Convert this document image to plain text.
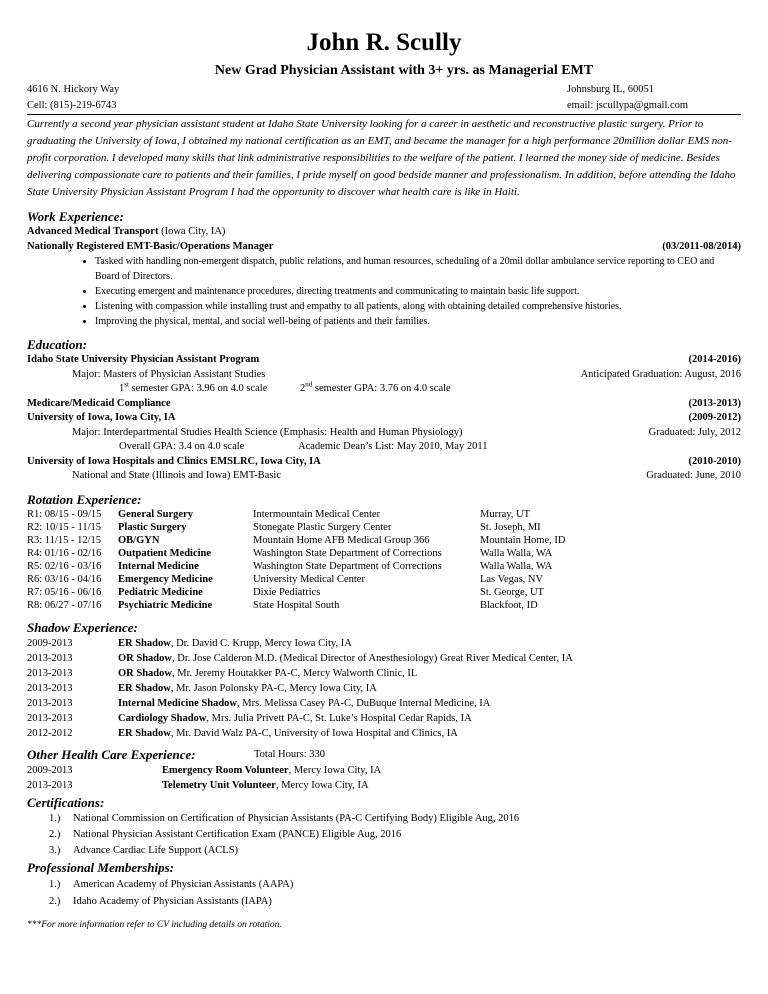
John R. Scully
New Grad Physician Assistant with 3+ yrs. as Managerial EMT
4616 N. Hickory Way
Cell: (815)-219-6743
Johnsburg IL, 60051
email: jscullypa@gmail.com
Currently a second year physician assistant student at Idaho State University looking for a career in aesthetic and reconstructive plastic surgery. Prior to graduating the University of Iowa, I obtained my national certification as an EMT, and became the manager for a high performance 20million dollar EMS non-profit corporation. I developed many skills that link administrative responsibilities to the welfare of the patient. I learned the money side of medicine. Besides delivering compassionate care to patients and their families, I pride myself on good bedside manner and professionalism. In addition, before attending the Idaho State University Physician Assistant Program I had the opportunity to discover what health care is like in Haiti.
Work Experience:
Advanced Medical Transport (Iowa City, IA)
Nationally Registered EMT-Basic/Operations Manager	(03/2011-08/2014)
• Tasked with handling non-emergent dispatch, public relations, and human resources, scheduling of a 20mil dollar ambulance service reporting to CEO and Board of Directors.
• Executing emergent and maintenance procedures, directing treatments and communicating to maintain basic life support.
• Listening with compassion while installing trust and empathy to all patients, along with obtaining detailed comprehensive histories.
• Improving the physical, mental, and social well-being of patients and their families.
Education:
Idaho State University Physician Assistant Program	(2014-2016)
Major: Masters of Physician Assistant Studies	Anticipated Graduation: August, 2016
1st semester GPA: 3.96 on 4.0 scale	2nd semester GPA: 3.76 on 4.0 scale

Medicare/Medicaid Compliance	(2013-2013)
University of Iowa, Iowa City, IA	(2009-2012)
Major: Interdepartmental Studies Health Science (Emphasis: Health and Human Physiology)	Graduated: July, 2012
Overall GPA: 3.4 on 4.0 scale	Academic Dean’s List: May 2010, May 2011

University of Iowa Hospitals and Clinics EMSLRC, Iowa City, IA	(2010-2010)
National and State (Illinois and Iowa) EMT-Basic	Graduated: June, 2010
Rotation Experience:
R1: 08/15 - 09/15 General Surgery	Intermountain Medical Center	Murray, UT
R2: 10/15 - 11/15 Plastic Surgery	Stonegate Plastic Surgery Center	St. Joseph, MI
R3: 11/15 - 12/15 OB/GYN	Mountain Home AFB Medical Group 366	Mountain Home, ID
R4: 01/16 - 02/16 Outpatient Medicine	Washington State Department of Corrections	Walla Walla, WA
R5: 02/16 - 03/16 Internal Medicine	Washington State Department of Corrections	Walla Walla, WA
R6: 03/16 - 04/16 Emergency Medicine	University Medical Center	Las Vegas, NV
R7: 05/16 - 06/16 Pediatric Medicine	Dixie Pediatrics	St. George, UT
R8: 06/27 - 07/16 Psychiatric Medicine	State Hospital South	Blackfoot, ID
Shadow Experience:
2009-2013	ER Shadow , Dr. David C. Krupp, Mercy Iowa City, IA
2013-2013	OR Shadow , Dr. Jose Calderon M.D. (Medical Director of Anesthesiology) Great River Medical Center, IA
2013-2013	OR Shadow , Mr. Jeremy Houtakker PA-C, Mercy Walworth Clinic, IL
2013-2013	ER Shadow , Mr. Jason Polonsky PA-C, Mercy Iowa City, IA
2013-2013	Internal Medicine Shadow , Mrs. Melissa Casey PA-C, DuBuque Internal Medicine, IA
2013-2013	Cardiology Shadow , Mrs. Julia Privett PA-C, St. Luke’s Hospital Cedar Rapids, IA
2012-2012	ER Shadow , Mr. David Walz PA-C, University of Iowa Hospital and Clinics, IA
Other Health Care Experience:	Total Hours: 330
2009-2013	Emergency Room Volunteer , Mercy Iowa City, IA
2013-2013	Telemetry Unit Volunteer , Mercy Iowa City, IA
Certifications:
1.) National Commission on Certification of Physician Assistants (PA-C Certifying Body) Eligible Aug, 2016
2.) National Physician Assistant Certification Exam (PANCE) Eligible Aug, 2016
3.) Advance Cardiac Life Support (ACLS)
Professional Memberships:
1.) American Academy of Physician Assistants (AAPA)
2.) Idaho Academy of Physician Assistants (IAPA)
***For more information refer to CV including details on rotation.
